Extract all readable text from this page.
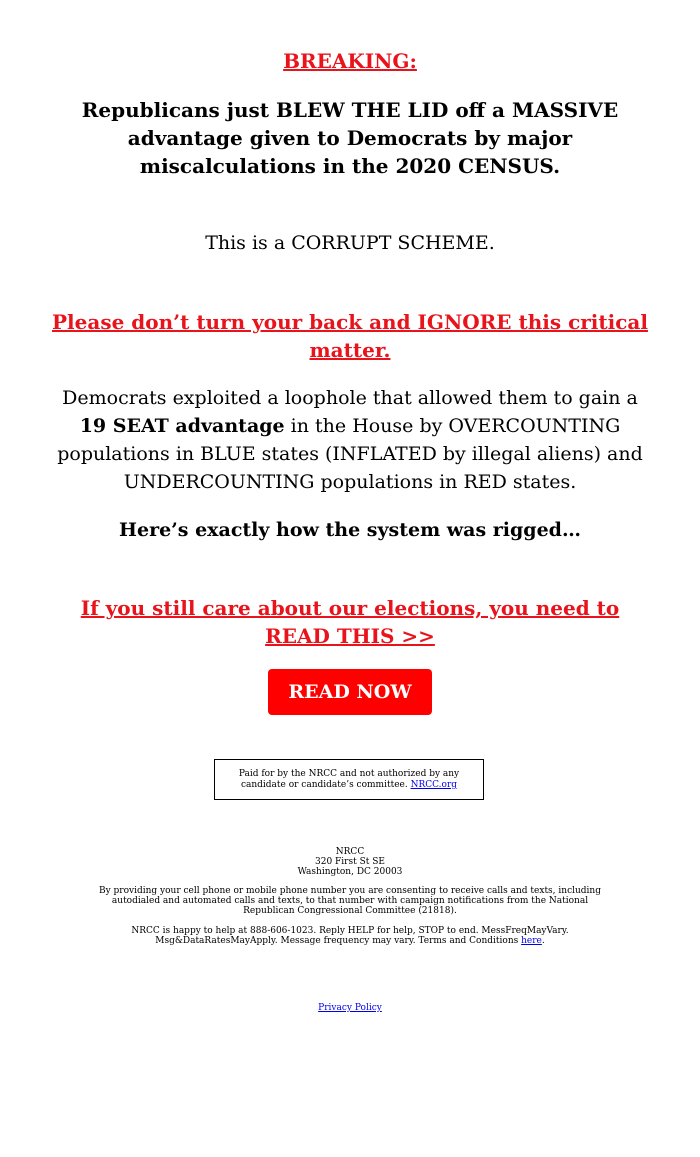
BREAKING:
Republicans just BLEW THE LID off a MASSIVE advantage given to Democrats by major miscalculations in the 2020 CENSUS.
This is a CORRUPT SCHEME.
Please don’t turn your back and IGNORE this critical matter.
Democrats exploited a loophole that allowed them to gain a 19 SEAT advantage in the House by OVERCOUNTING populations in BLUE states (INFLATED by illegal aliens) and UNDERCOUNTING populations in RED states.
Here’s exactly how the system was rigged…
If you still care about our elections, you need to READ THIS >>
READ NOW
Paid for by the NRCC and not authorized by any candidate or candidate’s committee. NRCC.org
NRCC
320 First St SE
Washington, DC 20003
By providing your cell phone or mobile phone number you are consenting to receive calls and texts, including autodialed and automated calls and texts, to that number with campaign notifications from the National Republican Congressional Committee (21818).
NRCC is happy to help at 888-606-1023. Reply HELP for help, STOP to end. MessFreqMayVary. Msg&DataRatesMayApply. Message frequency may vary. Terms and Conditions here.
Privacy Policy
